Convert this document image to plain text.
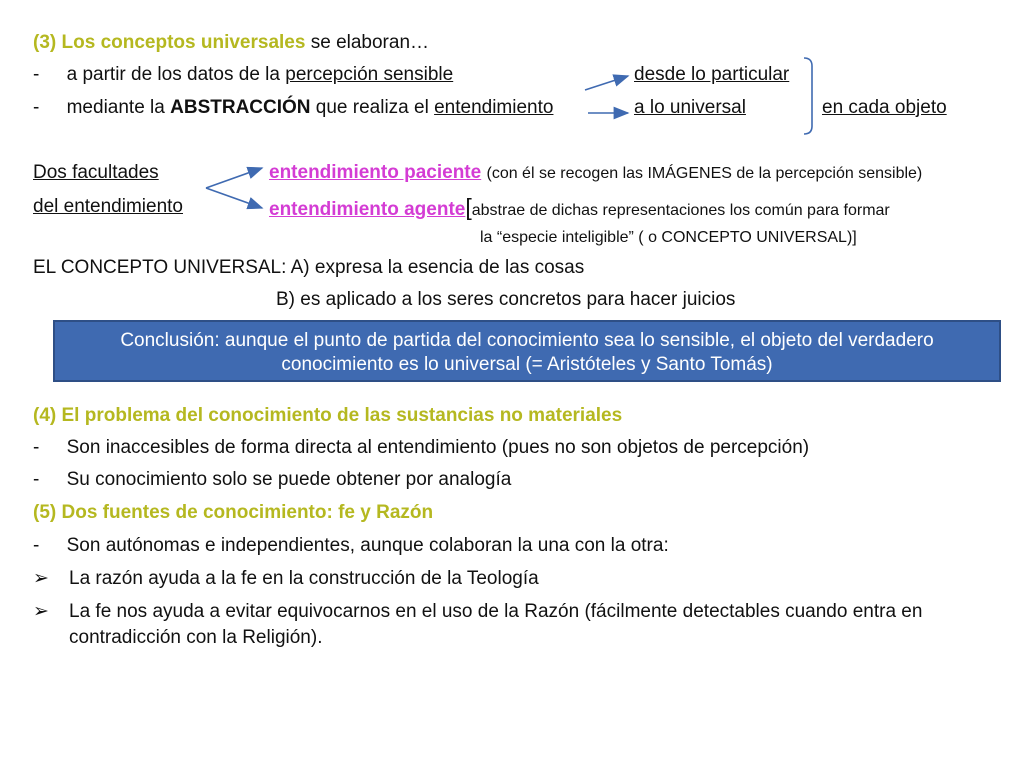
(3) Los conceptos universales se elaboran…
- a partir de los datos de la percepción sensible	desde lo particular
- mediante la ABSTRACCIÓN que realiza el entendimiento	a lo universal	en cada objeto
Dos facultades	entendimiento paciente (con él se recogen las IMÁGENES de la percepción sensible)
del entendimiento	entendimiento agente[abstrae de dichas representaciones los común para formar
la “especie inteligible” ( o CONCEPTO UNIVERSAL)]
EL CONCEPTO UNIVERSAL: A) expresa la esencia de las cosas
B) es aplicado a los seres concretos para hacer juicios
Conclusión: aunque el punto de partida del conocimiento sea lo sensible, el objeto del verdadero
conocimiento es lo universal (= Aristóteles y Santo Tomás)
(4) El problema del conocimiento de las sustancias no materiales
- Son inaccesibles de forma directa al entendimiento (pues no son objetos de percepción)
- Su conocimiento solo se puede obtener por analogía
(5) Dos fuentes de conocimiento: fe y Razón
- Son autónomas e independientes, aunque colaboran la una con la otra:
➢ La razón ayuda a la fe en la construcción de la Teología
➢ La fe nos ayuda a evitar equivocarnos en el uso de la Razón (fácilmente detectables cuando entra en
contradicción con la Religión).
